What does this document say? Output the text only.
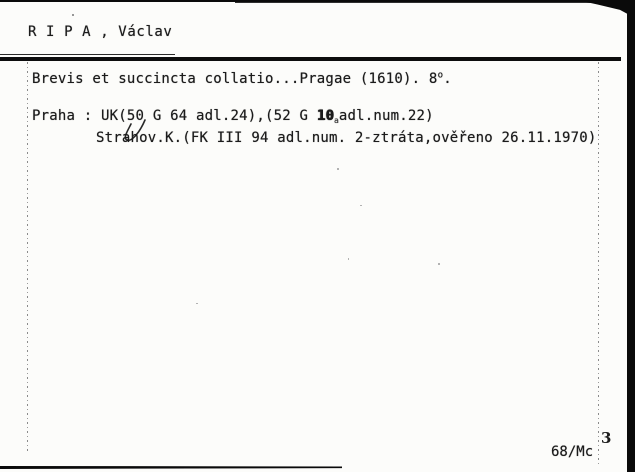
R I P A , Václav
Brevis et succincta collatio...Pragae (1610). 8$^o$.
Praha : UK(50
G 64 adl.24),(52 G $10_aadl.num.22$)
Strahov.K.(FK III 94 adl.num. 2-ztráta,ověřeno 26.11.1970)
68/Mc
3
